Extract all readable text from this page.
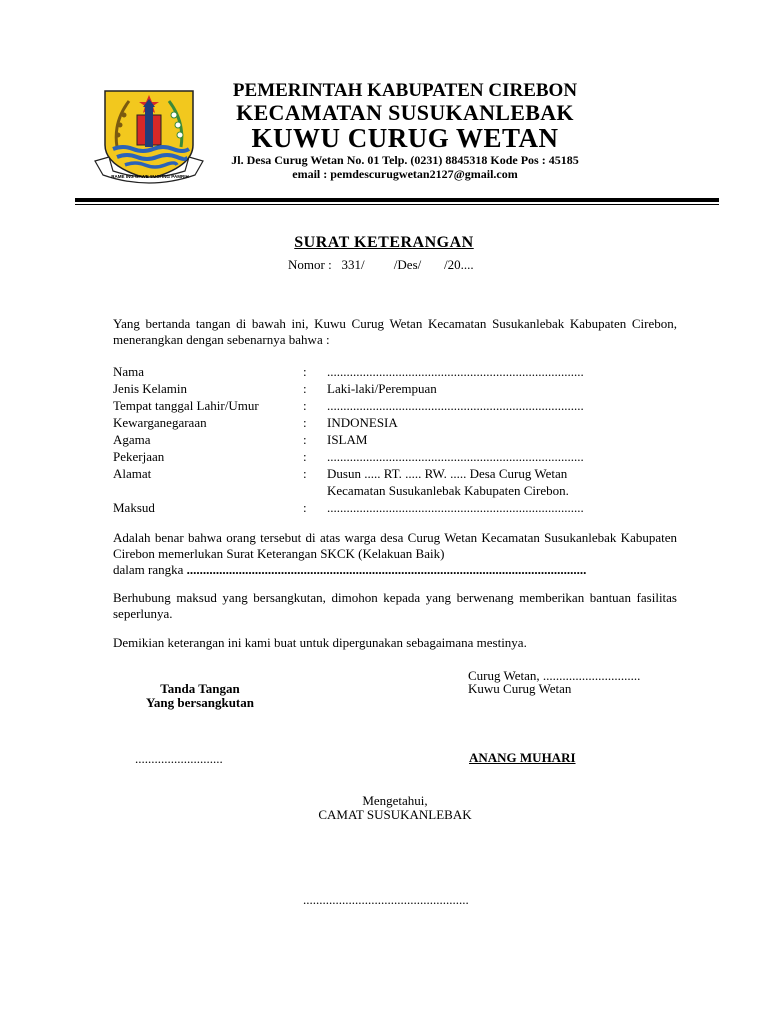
RAME ING GAWE SUCI ING PAMRIH
PEMERINTAH KABUPATEN CIREBON
KECAMATAN SUSUKANLEBAK
KUWU CURUG WETAN
Jl. Desa Curug Wetan No. 01 Telp. (0231) 8845318 Kode Pos : 45185
email : pemdescurugwetan2127@gmail.com
SURAT KETERANGAN
Nomor :   331/         /Des/       /20....
Yang bertanda tangan di bawah ini, Kuwu Curug Wetan Kecamatan Susukanlebak Kabupaten Cirebon, menerangkan dengan sebenarnya bahwa :
Nama	: ...............................................................................
Jenis Kelamin	: Laki-laki/Perempuan
Tempat tanggal Lahir/Umur	: ...............................................................................
Kewarganegaraan	: INDONESIA
Agama	: ISLAM
Pekerjaan	: ...............................................................................
Alamat	: Dusun ..... RT. ..... RW. ..... Desa Curug Wetan
Kecamatan Susukanlebak Kabupaten Cirebon.
Maksud	: ...............................................................................
Adalah benar bahwa orang tersebut di atas warga desa Curug Wetan Kecamatan Susukanlebak Kabupaten Cirebon memerlukan Surat Keterangan SKCK (Kelakuan Baik)
dalam rangka ...........................................................................................................................
Berhubung maksud yang bersangkutan, dimohon kepada yang berwenang memberikan bantuan fasilitas seperlunya.
Demikian keterangan ini kami buat untuk dipergunakan sebagaimana mestinya.
Curug Wetan, ..............................
Kuwu Curug Wetan
Tanda Tangan
Yang bersangkutan
...........................	ANANG MUHARI
Mengetahui,
CAMAT SUSUKANLEBAK
...................................................
